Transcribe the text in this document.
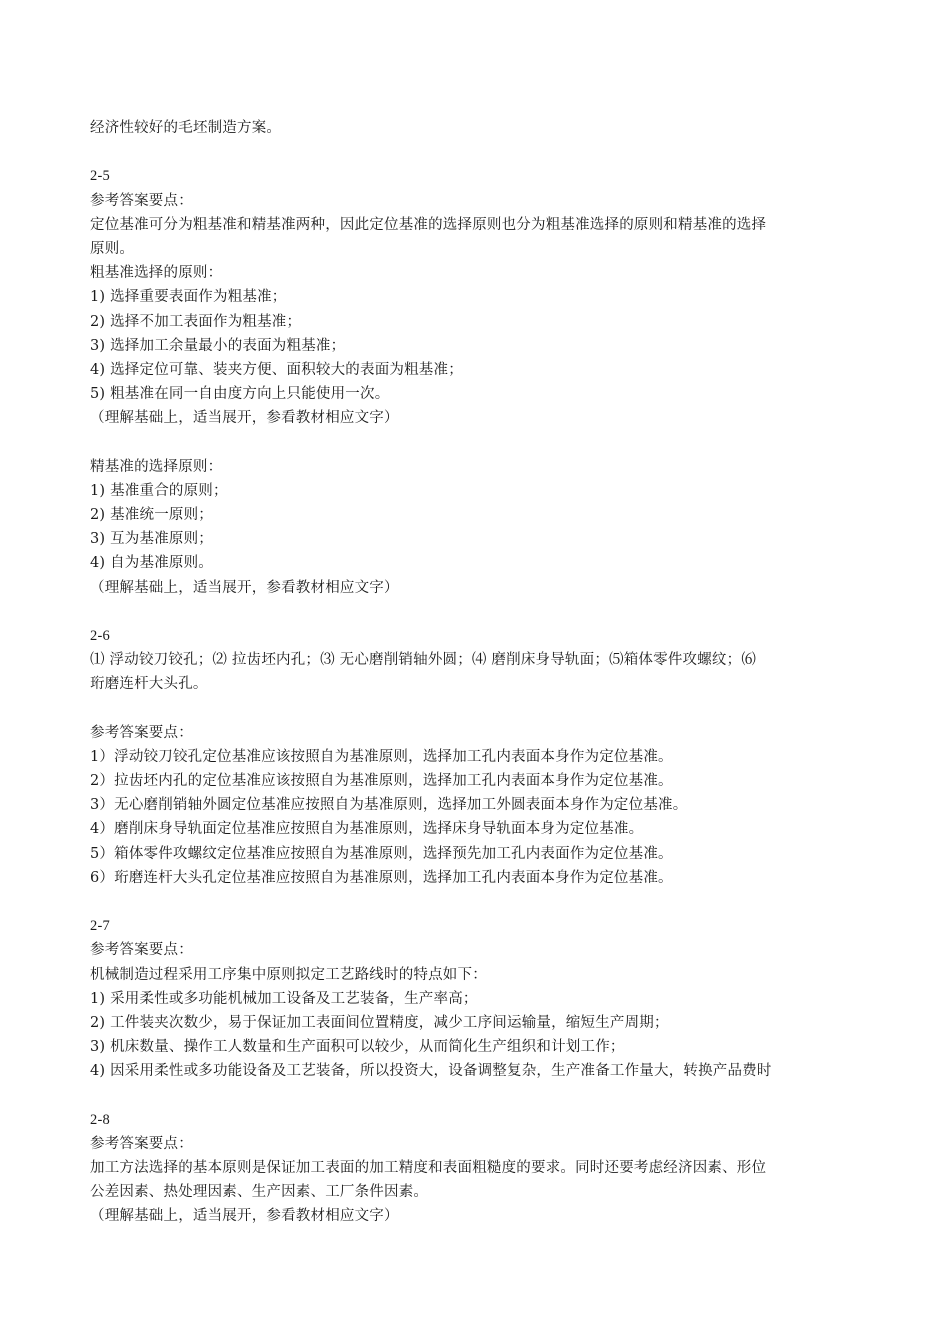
经济性较好的毛坯制造方案。
2-5
参考答案要点：
定位基准可分为粗基准和精基准两种，因此定位基准的选择原则也分为粗基准选择的原则和精基准的选择
原则。
粗基准选择的原则：
1) 选择重要表面作为粗基准；
2) 选择不加工表面作为粗基准；
3) 选择加工余量最小的表面为粗基准；
4) 选择定位可靠、装夹方便、面积较大的表面为粗基准；
5) 粗基准在同一自由度方向上只能使用一次。
（理解基础上，适当展开，参看教材相应文字）
精基准的选择原则：
1) 基准重合的原则；
2) 基准统一原则；
3) 互为基准原则；
4) 自为基准原则。
（理解基础上，适当展开，参看教材相应文字）
2-6
⑴ 浮动铰刀铰孔；⑵ 拉齿坯内孔；⑶ 无心磨削销轴外圆；⑷ 磨削床身导轨面；⑸箱体零件攻螺纹；⑹
珩磨连杆大头孔。
参考答案要点：
1）浮动铰刀铰孔定位基准应该按照自为基准原则，选择加工孔内表面本身作为定位基准。
2）拉齿坯内孔的定位基准应该按照自为基准原则，选择加工孔内表面本身作为定位基准。
3）无心磨削销轴外圆定位基准应按照自为基准原则，选择加工外圆表面本身作为定位基准。
4）磨削床身导轨面定位基准应按照自为基准原则，选择床身导轨面本身为定位基准。
5）箱体零件攻螺纹定位基准应按照自为基准原则，选择预先加工孔内表面作为定位基准。
6）珩磨连杆大头孔定位基准应按照自为基准原则，选择加工孔内表面本身作为定位基准。
2-7
参考答案要点：
机械制造过程采用工序集中原则拟定工艺路线时的特点如下：
1) 采用柔性或多功能机械加工设备及工艺装备，生产率高；
2) 工件装夹次数少，易于保证加工表面间位置精度，减少工序间运输量，缩短生产周期；
3) 机床数量、操作工人数量和生产面积可以较少，从而简化生产组织和计划工作；
4) 因采用柔性或多功能设备及工艺装备，所以投资大，设备调整复杂，生产准备工作量大，转换产品费时
2-8
参考答案要点：
加工方法选择的基本原则是保证加工表面的加工精度和表面粗糙度的要求。同时还要考虑经济因素、形位
公差因素、热处理因素、生产因素、工厂条件因素。
（理解基础上，适当展开，参看教材相应文字）
